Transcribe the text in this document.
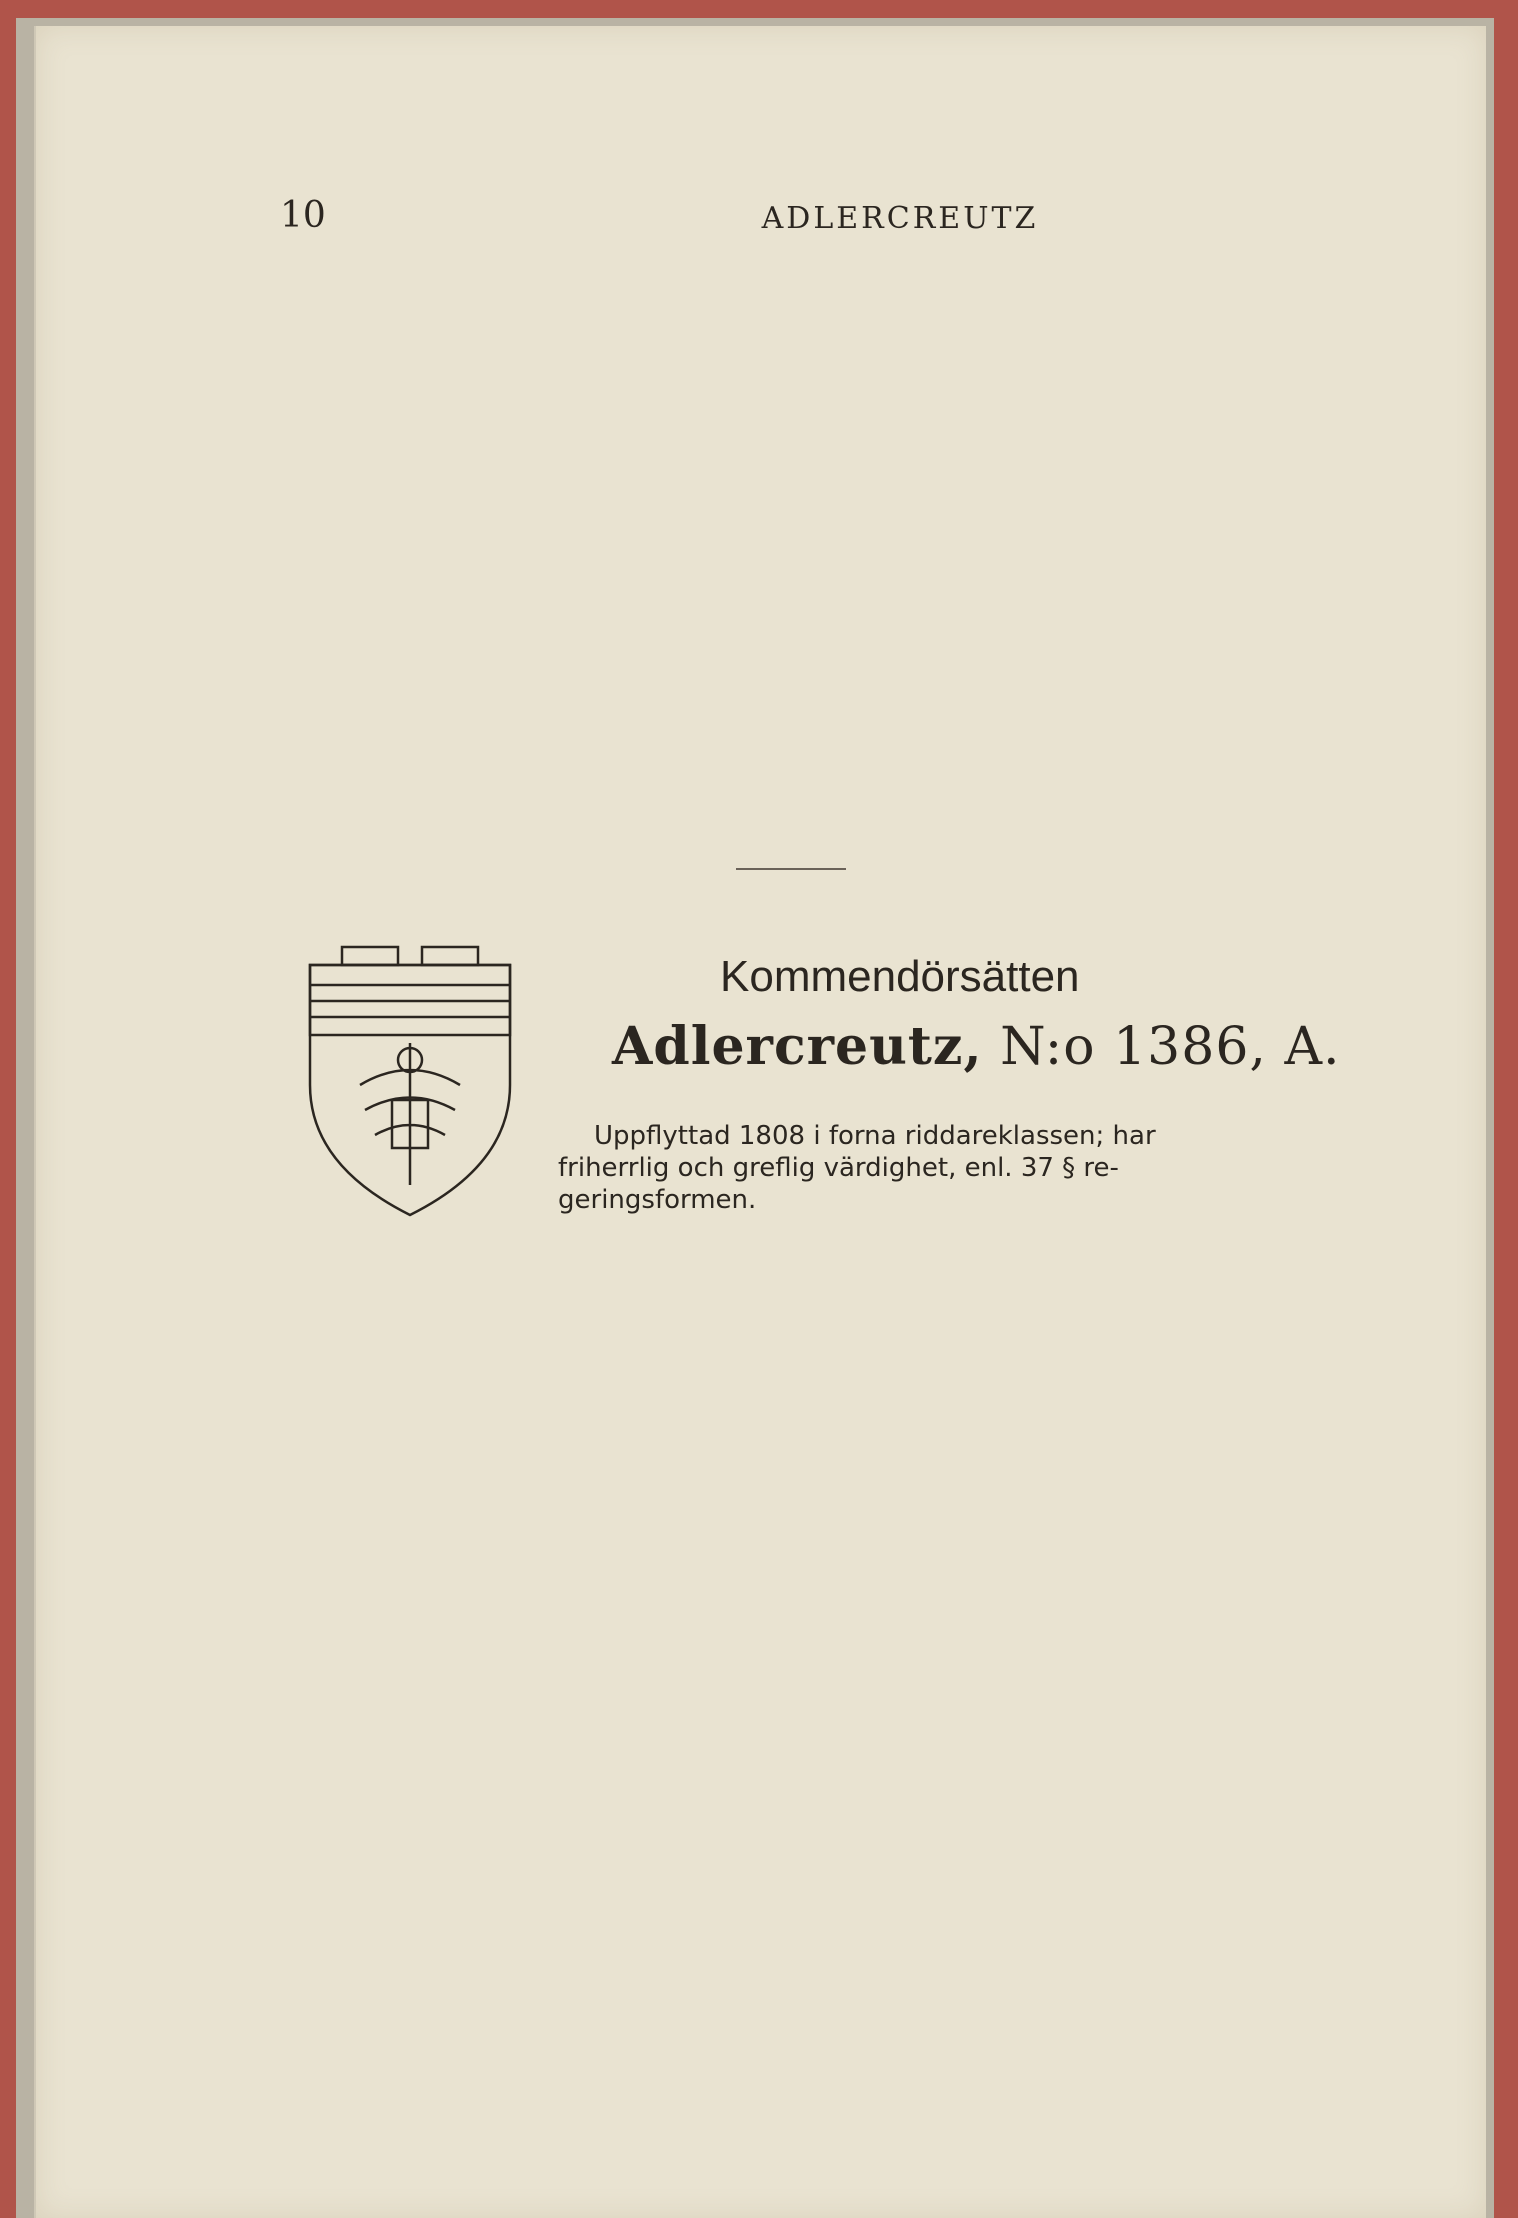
10	ADLERCREUTZ
Kommendörsätten
Adlercreutz, N:o 1386, A.
Uppflyttad 1808 i forna riddareklassen; har
friherrlig och greflig värdighet, enl. 37 § re-
geringsformen.
